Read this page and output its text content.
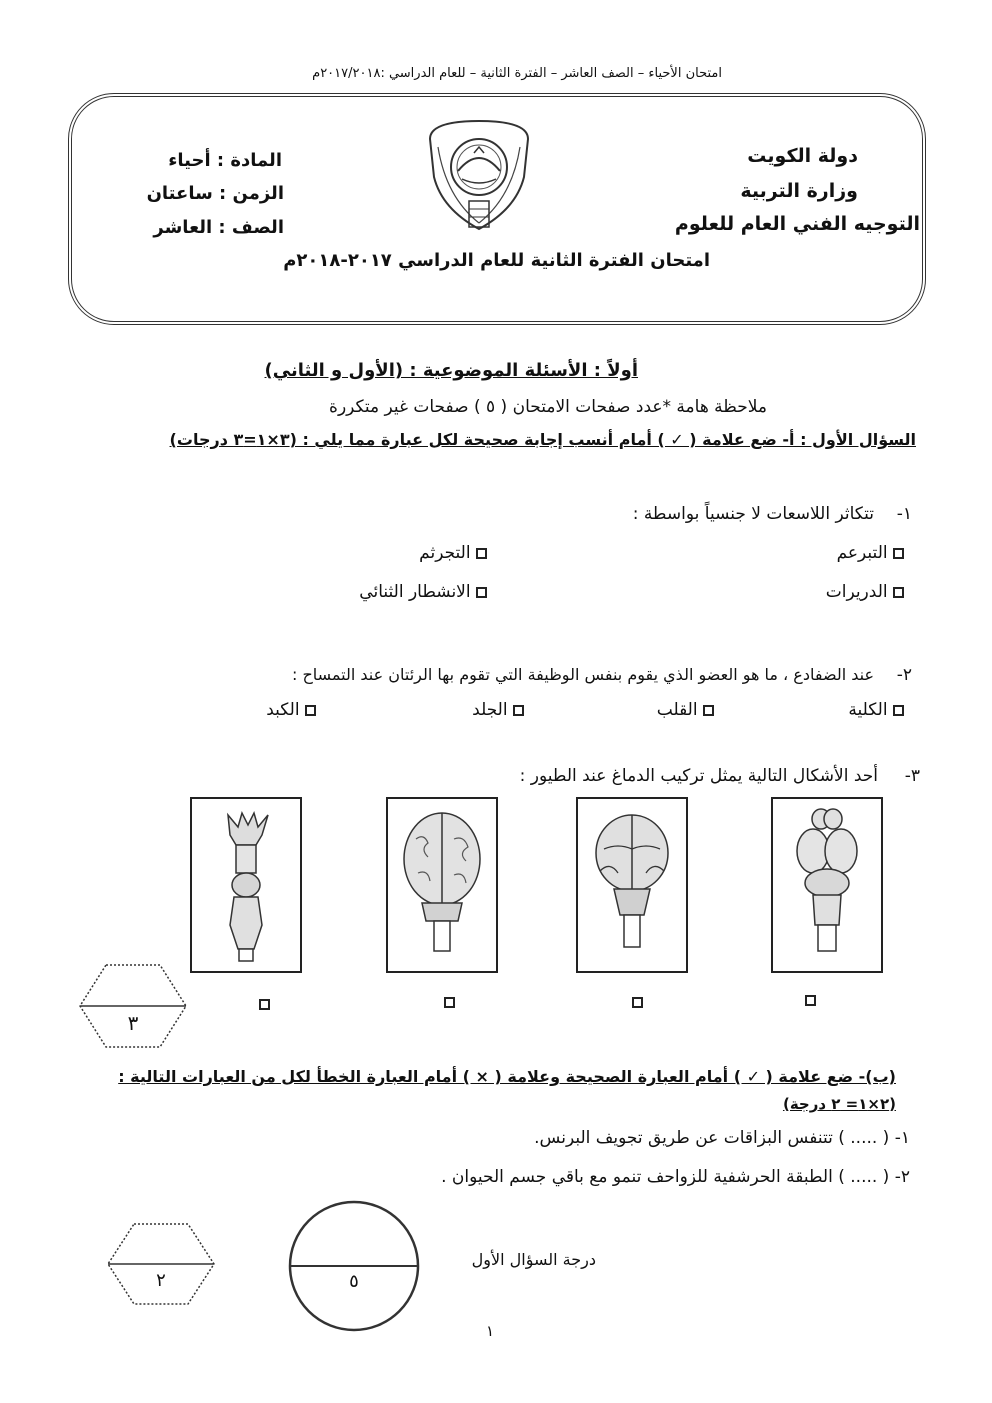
امتحان الأحياء – الصف العاشر – الفترة الثانية – للعام الدراسي :٢٠١٧/٢٠١٨م
دولة الكويت
وزارة التربية
التوجيه الفني العام للعلوم
المادة : أحياء
الزمن : ساعتان
الصف : العاشر
امتحان الفترة الثانية للعام الدراسي ٢٠١٧-٢٠١٨م
أولاً : الأسئلة الموضوعية : (الأول و الثاني)
ملاحظة هامة *عدد صفحات الامتحان ( ٥ ) صفحات غير متكررة
السؤال الأول : أ- ضع علامة ( ✓ ) أمام أنسب إجابة صحيحة لكل عبارة مما يلي : (٣×١=٣ درجات)
١-
تتكاثر اللاسعات لا جنسياً بواسطة :
التبرعم
التجرثم
الدريرات
الانشطار الثنائي
٢-
عند الضفادع ، ما هو العضو الذي يقوم بنفس الوظيفة التي تقوم بها الرئتان عند التمساح :
الكلية
القلب
الجلد
الكبد
٣-
أحد الأشكال التالية يمثل تركيب الدماغ عند الطيور :
٣
(ب)- ضع علامة ( ✓ ) أمام العبارة الصحيحة وعلامة ( × ) أمام العبارة الخطأ لكل من العبارات التالية :
(٢×١= ٢ درجة)
١- ( ..... ) تتنفس البزاقات عن طريق تجويف البرنس.
٢- ( ..... ) الطبقة الحرشفية للزواحف تنمو مع باقي جسم الحيوان .
٢	٥
درجة السؤال الأول
١
